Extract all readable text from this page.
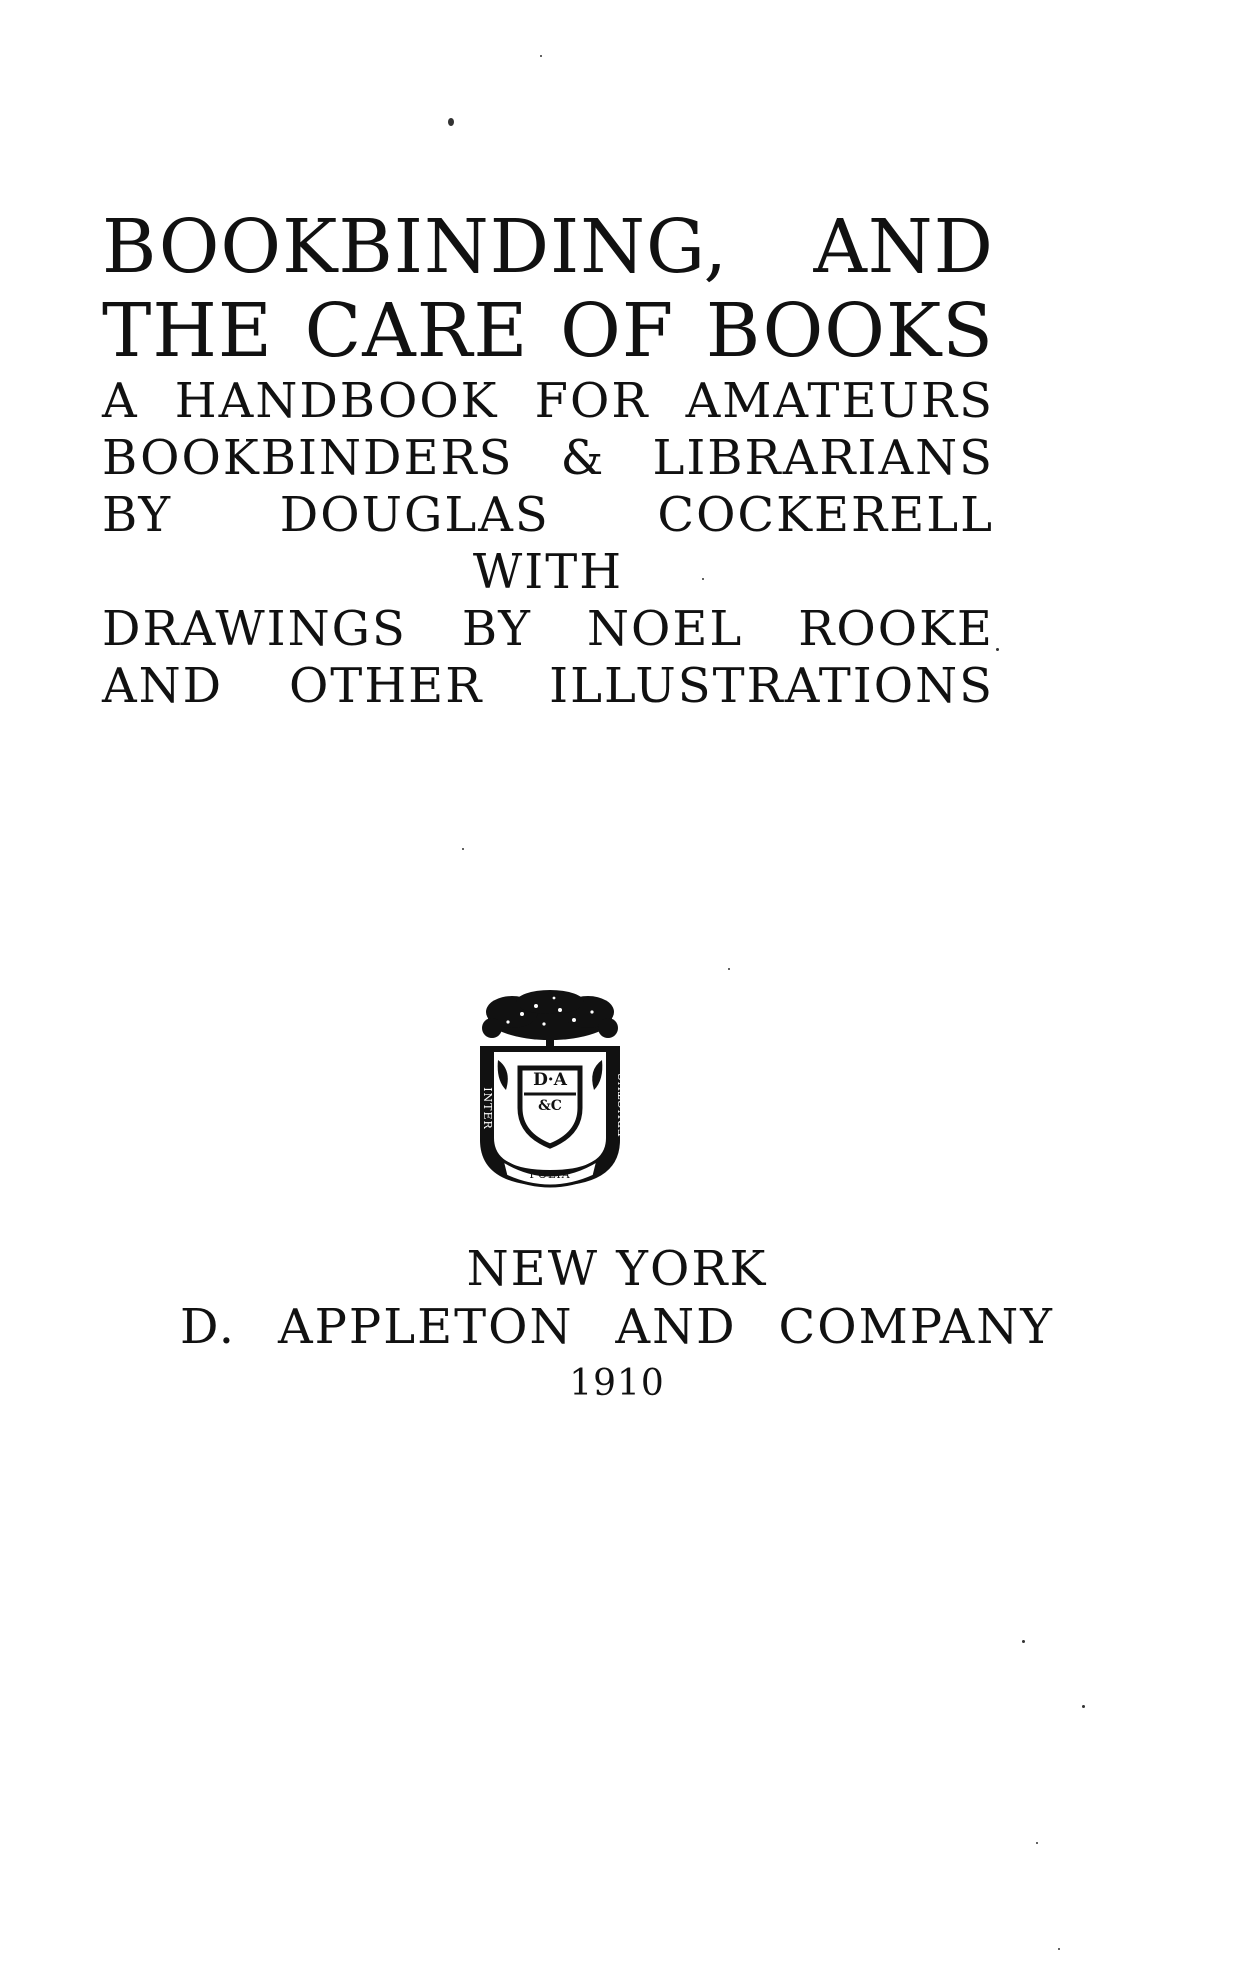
BOOKBINDING, AND
THE CARE OF BOOKS
A HANDBOOK FOR AMATEURS
BOOKBINDERS & LIBRARIANS
BY DOUGLAS COCKERELL
WITH
DRAWINGS BY NOEL ROOKE
AND OTHER ILLUSTRATIONS
D·A
&C
INTER	FRUCTUS
FOLIA
NEW YORK
D. APPLETON AND COMPANY
1910
